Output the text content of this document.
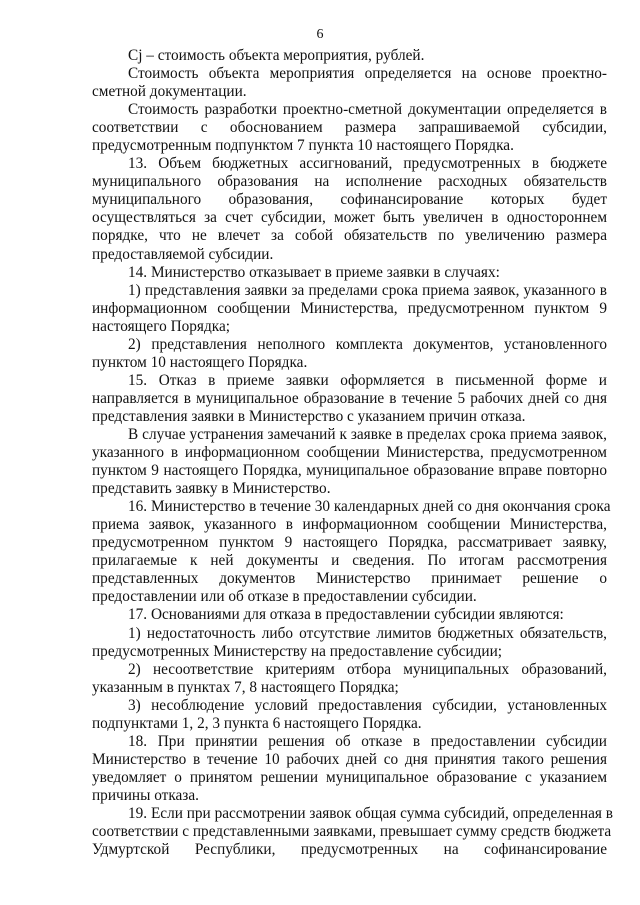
6
Cj – стоимость объекта мероприятия, рублей.
Стоимость объекта мероприятия определяется на основе проектно-
сметной документации.
Стоимость разработки проектно-сметной документации определяется в
соответствии с обоснованием размера запрашиваемой субсидии,
предусмотренным подпунктом 7 пункта 10 настоящего Порядка.
13. Объем бюджетных ассигнований, предусмотренных в бюджете
муниципального образования на исполнение расходных обязательств
муниципального образования, софинансирование которых будет
осуществляться за счет субсидии, может быть увеличен в одностороннем
порядке, что не влечет за собой обязательств по увеличению размера
предоставляемой субсидии.
14. Министерство отказывает в приеме заявки в случаях:
1) представления заявки за пределами срока приема заявок, указанного в
информационном сообщении Министерства, предусмотренном пунктом 9
настоящего Порядка;
2) представления неполного комплекта документов, установленного
пунктом 10 настоящего Порядка.
15. Отказ в приеме заявки оформляется в письменной форме и
направляется в муниципальное образование в течение 5 рабочих дней со дня
представления заявки в Министерство с указанием причин отказа.
В случае устранения замечаний к заявке в пределах срока приема заявок,
указанного в информационном сообщении Министерства, предусмотренном
пунктом 9 настоящего Порядка, муниципальное образование вправе повторно
представить заявку в Министерство.
16. Министерство в течение 30 календарных дней со дня окончания срока
приема заявок, указанного в информационном сообщении Министерства,
предусмотренном пунктом 9 настоящего Порядка, рассматривает заявку,
прилагаемые к ней документы и сведения. По итогам рассмотрения
представленных документов Министерство принимает решение о
предоставлении или об отказе в предоставлении субсидии.
17. Основаниями для отказа в предоставлении субсидии являются:
1) недостаточность либо отсутствие лимитов бюджетных обязательств,
предусмотренных Министерству на предоставление субсидии;
2) несоответствие критериям отбора муниципальных образований,
указанным в пунктах 7, 8 настоящего Порядка;
3) несоблюдение условий предоставления субсидии, установленных
подпунктами 1, 2, 3 пункта 6 настоящего Порядка.
18. При принятии решения об отказе в предоставлении субсидии
Министерство в течение 10 рабочих дней со дня принятия такого решения
уведомляет о принятом решении муниципальное образование с указанием
причины отказа.
19. Если при рассмотрении заявок общая сумма субсидий, определенная в
соответствии с представленными заявками, превышает сумму средств бюджета
Удмуртской Республики, предусмотренных на софинансирование
